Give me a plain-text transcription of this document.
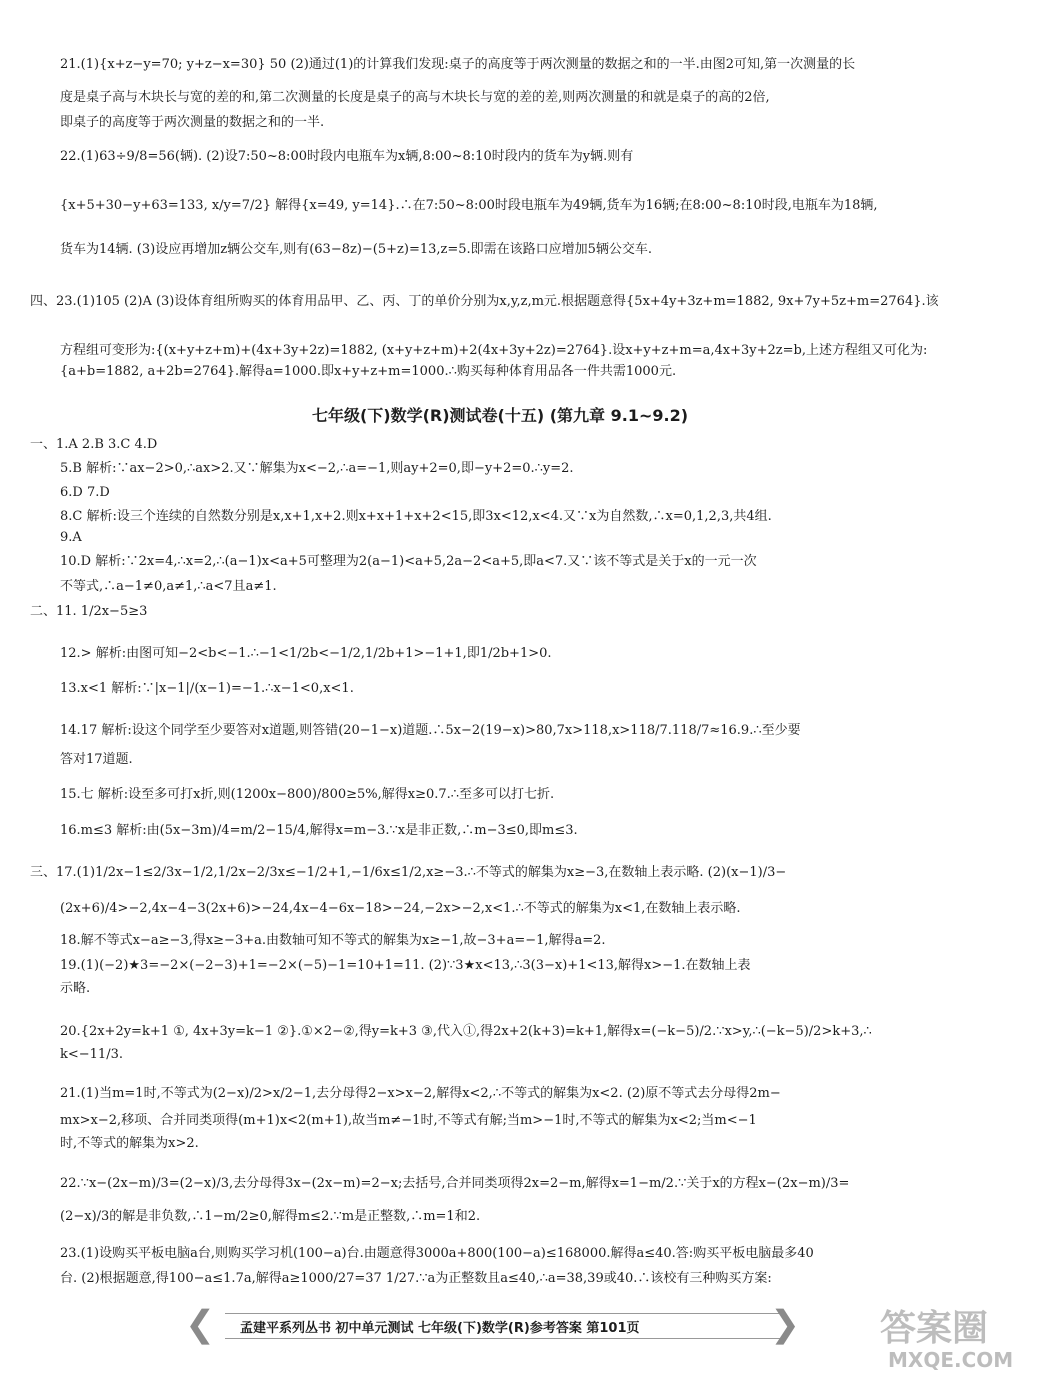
21.(1){x+z−y=70; y+z−x=30} 50 (2)通过(1)的计算我们发现:桌子的高度等于两次测量的数据之和的一半.由图2可知,第一次测量的长
度是桌子高与木块长与宽的差的和,第二次测量的长度是桌子的高与木块长与宽的差的差,则两次测量的和就是桌子的高的2倍,
即桌子的高度等于两次测量的数据之和的一半.
22.(1)63÷9/8=56(辆). (2)设7:50~8:00时段内电瓶车为x辆,8:00~8:10时段内的货车为y辆.则有
{x+5+30−y+63=133, x/y=7/2} 解得{x=49, y=14}.∴在7:50~8:00时段电瓶车为49辆,货车为16辆;在8:00~8:10时段,电瓶车为18辆,
货车为14辆. (3)设应再增加z辆公交车,则有(63−8z)−(5+z)=13,z=5.即需在该路口应增加5辆公交车.
四、23.(1)105 (2)A (3)设体育组所购买的体育用品甲、乙、丙、丁的单价分别为x,y,z,m元.根据题意得{5x+4y+3z+m=1882, 9x+7y+5z+m=2764}.该
方程组可变形为:{(x+y+z+m)+(4x+3y+2z)=1882, (x+y+z+m)+2(4x+3y+2z)=2764}.设x+y+z+m=a,4x+3y+2z=b,上述方程组又可化为:
{a+b=1882, a+2b=2764}.解得a=1000.即x+y+z+m=1000.∴购买每种体育用品各一件共需1000元.
七年级(下)数学(R)测试卷(十五) (第九章 9.1~9.2)
一、1.A 2.B 3.C 4.D
5.B 解析:∵ax−2>0,∴ax>2.又∵解集为x<−2,∴a=−1,则ay+2=0,即−y+2=0.∴y=2.
6.D 7.D
8.C 解析:设三个连续的自然数分别是x,x+1,x+2.则x+x+1+x+2<15,即3x<12,x<4.又∵x为自然数,∴x=0,1,2,3,共4组.
9.A
10.D 解析:∵2x=4,∴x=2,∴(a−1)x<a+5可整理为2(a−1)<a+5,2a−2<a+5,即a<7.又∵该不等式是关于x的一元一次
不等式,∴a−1≠0,a≠1,∴a<7且a≠1.
二、11. 1/2x−5≥3
12.> 解析:由图可知−2<b<−1.∴−1<1/2b<−1/2,1/2b+1>−1+1,即1/2b+1>0.
13.x<1 解析:∵|x−1|/(x−1)=−1.∴x−1<0,x<1.
14.17 解析:设这个同学至少要答对x道题,则答错(20−1−x)道题.∴5x−2(19−x)>80,7x>118,x>118/7.118/7≈16.9.∴至少要
答对17道题.
15.七 解析:设至多可打x折,则(1200x−800)/800≥5%,解得x≥0.7.∴至多可以打七折.
16.m≤3 解析:由(5x−3m)/4=m/2−15/4,解得x=m−3.∵x是非正数,∴m−3≤0,即m≤3.
三、17.(1)1/2x−1≤2/3x−1/2,1/2x−2/3x≤−1/2+1,−1/6x≤1/2,x≥−3.∴不等式的解集为x≥−3,在数轴上表示略. (2)(x−1)/3−
(2x+6)/4>−2,4x−4−3(2x+6)>−24,4x−4−6x−18>−24,−2x>−2,x<1.∴不等式的解集为x<1,在数轴上表示略.
18.解不等式x−a≥−3,得x≥−3+a.由数轴可知不等式的解集为x≥−1,故−3+a=−1,解得a=2.
19.(1)(−2)★3=−2×(−2−3)+1=−2×(−5)−1=10+1=11. (2)∵3★x<13,∴3(3−x)+1<13,解得x>−1.在数轴上表
示略.
20.{2x+2y=k+1 ①, 4x+3y=k−1 ②}.①×2−②,得y=k+3 ③,代入①,得2x+2(k+3)=k+1,解得x=(−k−5)/2.∵x>y,∴(−k−5)/2>k+3,∴
k<−11/3.
21.(1)当m=1时,不等式为(2−x)/2>x/2−1,去分母得2−x>x−2,解得x<2,∴不等式的解集为x<2. (2)原不等式去分母得2m−
mx>x−2,移项、合并同类项得(m+1)x<2(m+1),故当m≠−1时,不等式有解;当m>−1时,不等式的解集为x<2;当m<−1
时,不等式的解集为x>2.
22.∵x−(2x−m)/3=(2−x)/3,去分母得3x−(2x−m)=2−x;去括号,合并同类项得2x=2−m,解得x=1−m/2.∵关于x的方程x−(2x−m)/3=
(2−x)/3的解是非负数,∴1−m/2≥0,解得m≤2.∵m是正整数,∴m=1和2.
23.(1)设购买平板电脑a台,则购买学习机(100−a)台.由题意得3000a+800(100−a)≤168000.解得a≤40.答:购买平板电脑最多40
台. (2)根据题意,得100−a≤1.7a,解得a≥1000/27=37 1/27.∵a为正整数且a≤40,∴a=38,39或40.∴该校有三种购买方案:
❮ 孟建平系列丛书 初中单元测试 七年级(下)数学(R)参考答案 第101页	❯ 答案圈
MXQE.COM
